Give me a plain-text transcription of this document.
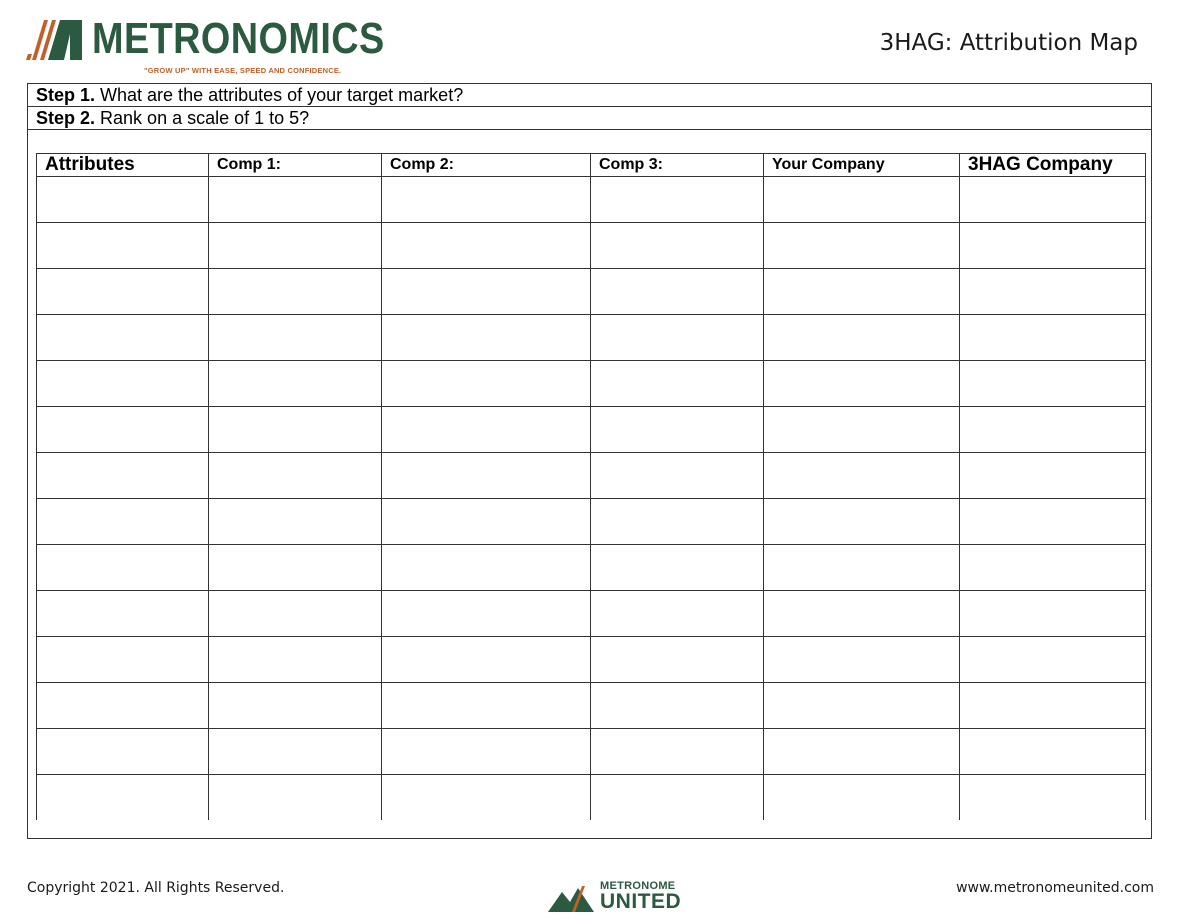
METRONOMICS
"GROW UP" WITH EASE, SPEED AND CONFIDENCE.
3HAG: Attribution Map
Step 1. What are the attributes of your target market?
Step 2. Rank on a scale of 1 to 5?
Attributes	Comp 1:	Comp 2:	Comp 3:	Your Company	3HAG Company

Copyright 2021. All Rights Reserved.	METRONOME
UNITED
www.metronomeunited.com
